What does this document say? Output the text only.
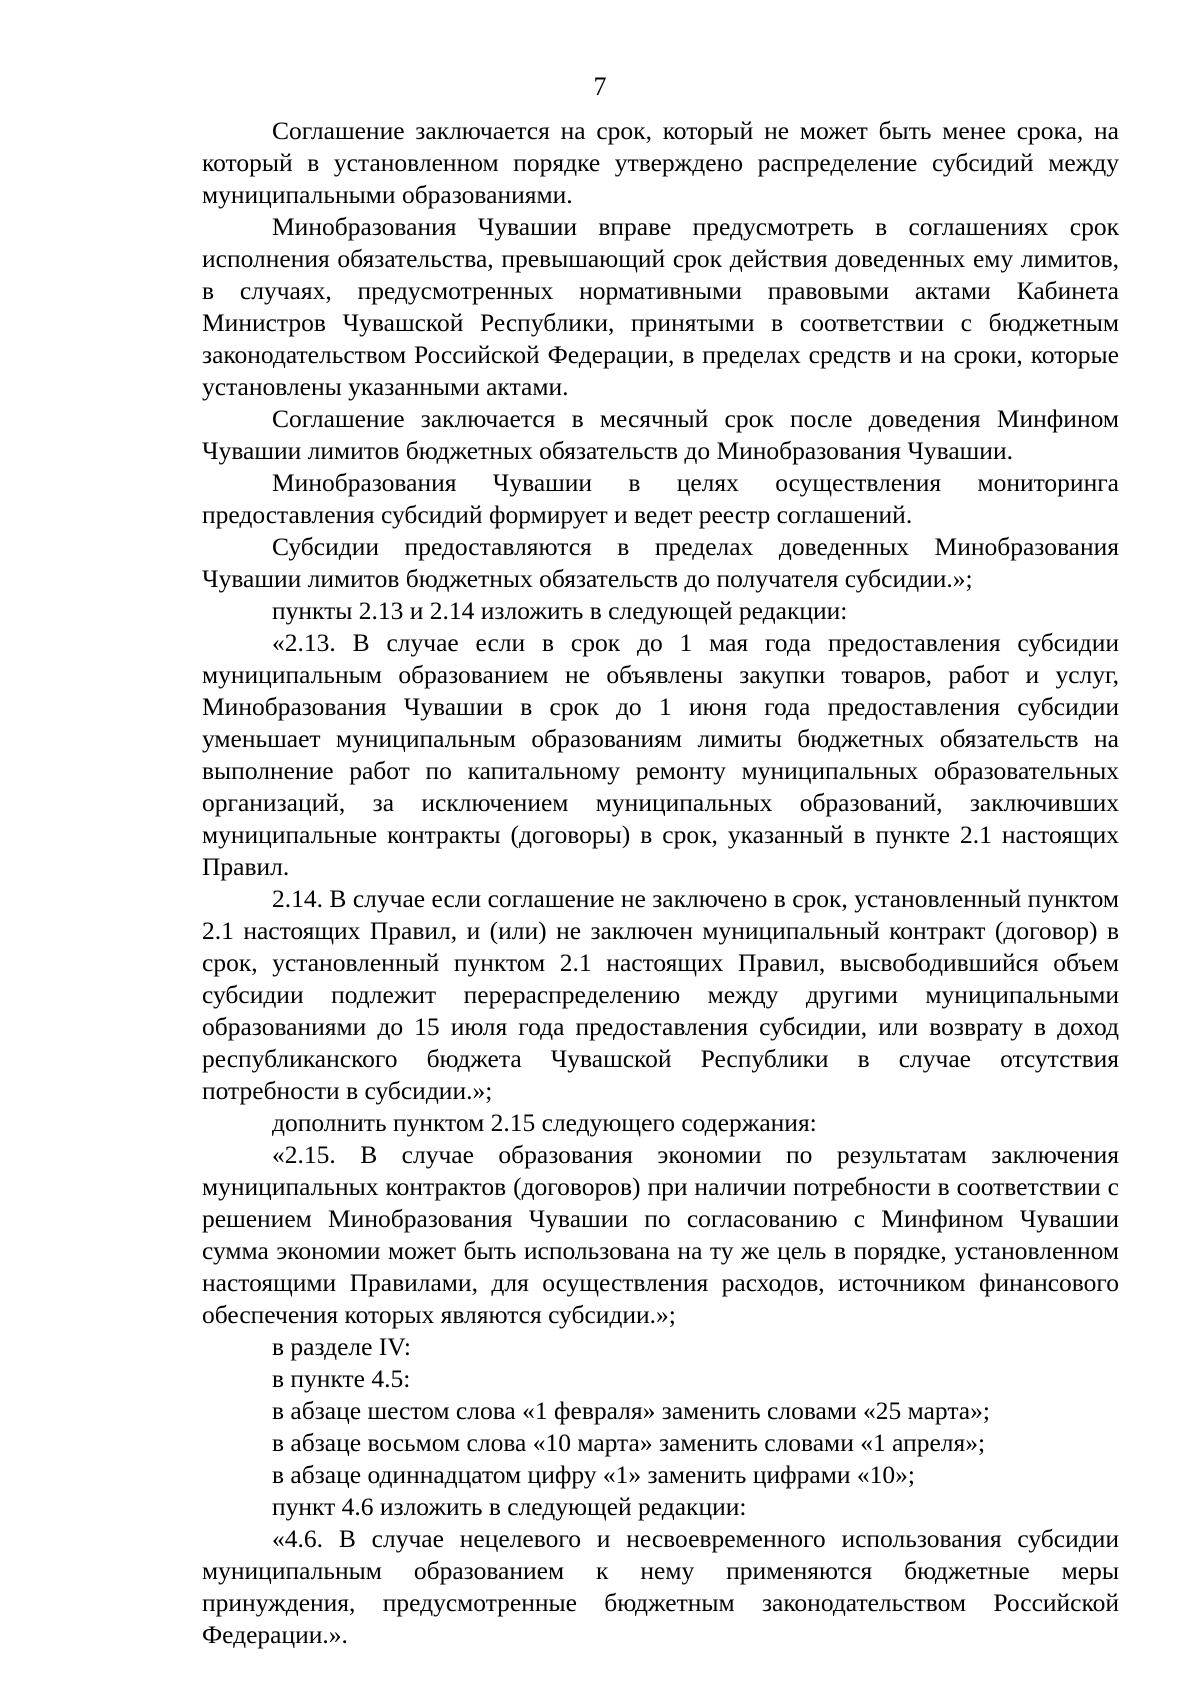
7

Соглашение заключается на срок, который не может быть менее срока, на который в установленном порядке утверждено распределение субсидий между муниципальными образованиями.

Минобразования Чувашии вправе предусмотреть в соглашениях срок исполнения обязательства, превышающий срок действия доведенных ему лимитов, в случаях, предусмотренных нормативными правовыми актами Кабинета Министров Чувашской Республики, принятыми в соответствии с бюджетным законодательством Российской Федерации, в пределах средств и на сроки, которые установлены указанными актами.

Соглашение заключается в месячный срок после доведения Минфином Чувашии лимитов бюджетных обязательств до Минобразования Чувашии.

Минобразования Чувашии в целях осуществления мониторинга предоставления субсидий формирует и ведет реестр соглашений.

Субсидии предоставляются в пределах доведенных Минобразования Чувашии лимитов бюджетных обязательств до получателя субсидии.»;

пункты 2.13 и 2.14 изложить в следующей редакции:

«2.13. В случае если в срок до 1 мая года предоставления субсидии муниципальным образованием не объявлены закупки товаров, работ и услуг, Минобразования Чувашии в срок до 1 июня года предоставления субсидии уменьшает муниципальным образованиям лимиты бюджетных обязательств на выполнение работ по капитальному ремонту муниципальных образовательных организаций, за исключением муниципальных образований, заключивших муниципальные контракты (договоры) в срок, указанный в пункте 2.1 настоящих Правил.

2.14. В случае если соглашение не заключено в срок, установленный пунктом 2.1 настоящих Правил, и (или) не заключен муниципальный контракт (договор) в срок, установленный пунктом 2.1 настоящих Правил, высвободившийся объем субсидии подлежит перераспределению между другими муниципальными образованиями до 15 июля года предоставления субсидии, или возврату в доход республиканского бюджета Чувашской Республики в случае отсутствия потребности в субсидии.»;

дополнить пунктом 2.15 следующего содержания:

«2.15. В случае образования экономии по результатам заключения муниципальных контрактов (договоров) при наличии потребности в соответствии с решением Минобразования Чувашии по согласованию с Минфином Чувашии сумма экономии может быть использована на ту же цель в порядке, установленном настоящими Правилами, для осуществления расходов, источником финансового обеспечения которых являются субсидии.»;

в разделе IV:

в пункте 4.5:

в абзаце шестом слова «1 февраля» заменить словами «25 марта»;

в абзаце восьмом слова «10 марта» заменить словами «1 апреля»;

в абзаце одиннадцатом цифру «1» заменить цифрами «10»;

пункт 4.6 изложить в следующей редакции:

«4.6. В случае нецелевого и несвоевременного использования субсидии муниципальным образованием к нему применяются бюджетные меры принуждения, предусмотренные бюджетным законодательством Российской Федерации.».
